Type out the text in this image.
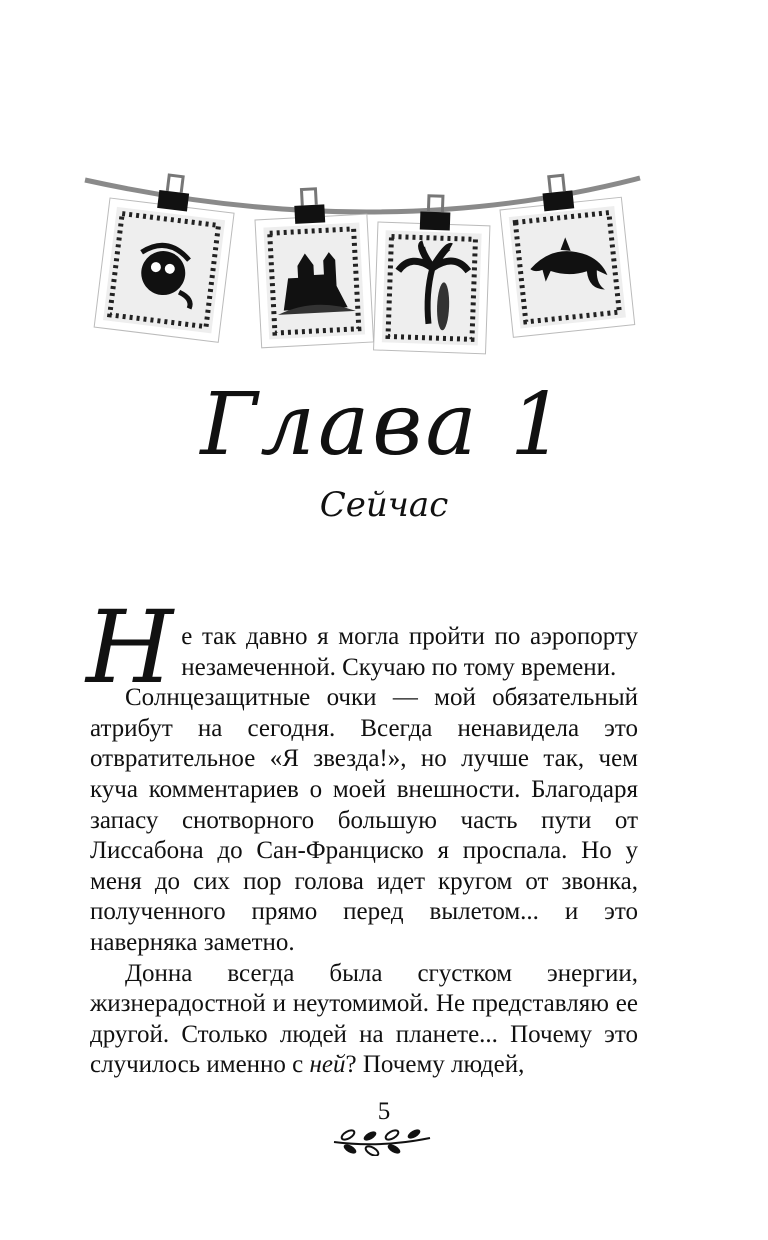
Глава 1
Сейчас

Не так давно я могла пройти по аэропорту незамеченной. Скучаю по тому времени.

Солнцезащитные очки — мой обязательный атрибут на сегодня. Всегда ненавидела это отвратительное «Я звезда!», но лучше так, чем куча комментариев о моей внешности. Благодаря запасу снотворного большую часть пути от Лиссабона до Сан-Франциско я проспала. Но у меня до сих пор голова идет кругом от звонка, полученного прямо перед вылетом... и это наверняка заметно.

Донна всегда была сгустком энергии, жизнерадостной и неутомимой. Не представляю ее другой. Столько людей на планете... Почему это случилось именно с ней? Почему людей,

5
